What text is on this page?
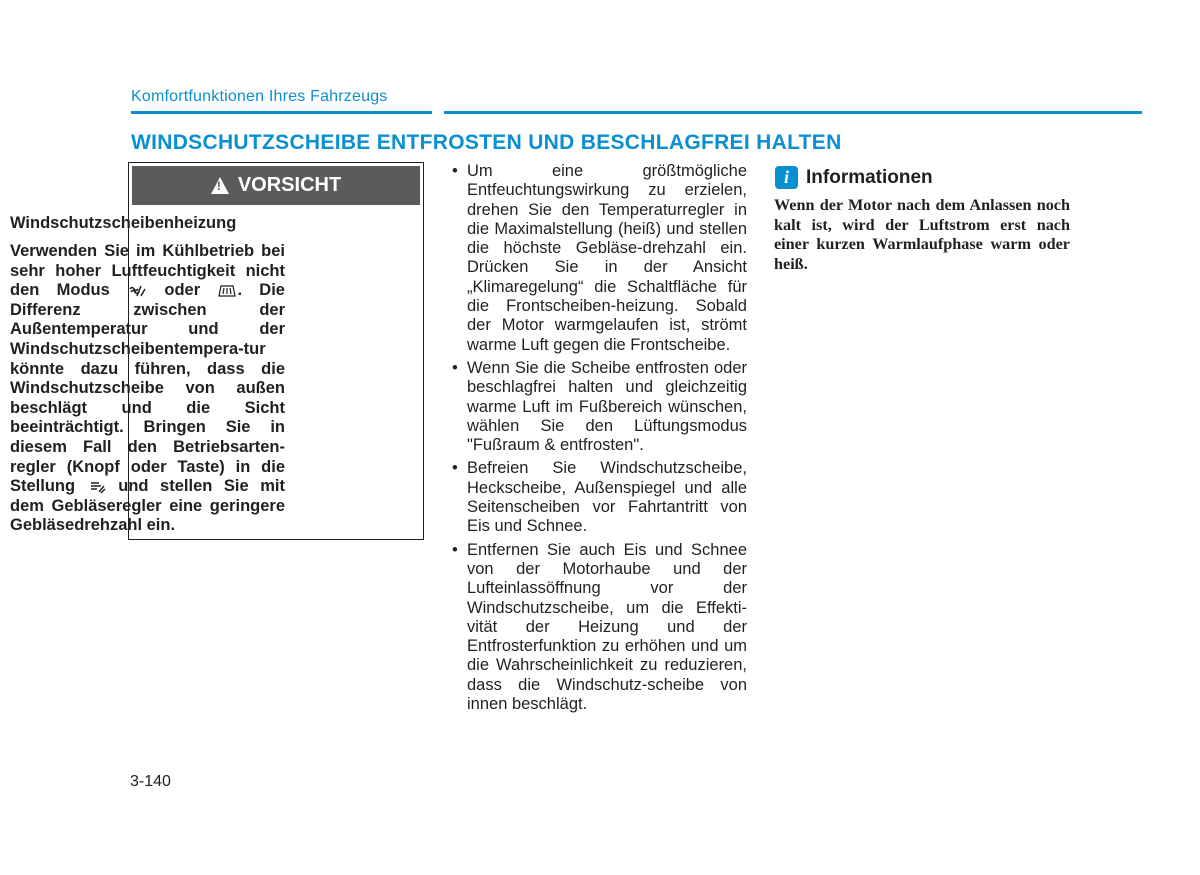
Komfortfunktionen Ihres Fahrzeugs
WINDSCHUTZSCHEIBE ENTFROSTEN UND BESCHLAGFREI HALTEN
!
VORSICHT
Windschutzscheibenheizung

Verwenden Sie im Kühlbetrieb bei sehr hoher Luftfeuchtigkeit nicht den Modus	oder . Die Differenz zwischen der Außentemperatur und der Windschutzscheibentempera-tur könnte dazu führen, dass die Windschutzscheibe von außen beschlägt und die Sicht beeinträchtigt. Bringen Sie in diesem Fall den Betriebsarten-regler (Knopf oder Taste) in die Stellung	und stellen Sie mit dem Gebläseregler eine geringere Gebläsedrehzahl ein.

• Um eine größtmögliche Entfeuchtungswirkung zu erzielen, drehen Sie den Temperaturregler in die Maximalstellung (heiß) und stellen die höchste Gebläse-drehzahl ein. Drücken Sie in der Ansicht „Klimaregelung“ die Schaltfläche für die Frontscheiben-heizung. Sobald der Motor warmgelaufen ist, strömt warme Luft gegen die Frontscheibe.
• Wenn Sie die Scheibe entfrosten oder beschlagfrei halten und gleichzeitig warme Luft im Fußbereich wünschen, wählen Sie den Lüftungsmodus "Fußraum & entfrosten".
• Befreien Sie Windschutzscheibe, Heckscheibe, Außenspiegel und alle Seitenscheiben vor Fahrtantritt von Eis und Schnee.
• Entfernen Sie auch Eis und Schnee von der Motorhaube und der Lufteinlassöffnung vor der Windschutzscheibe, um die Effekti-vität der Heizung und der Entfrosterfunktion zu erhöhen und um die Wahrscheinlichkeit zu reduzieren, dass die Windschutz-scheibe von innen beschlägt.
i Informationen

Wenn der Motor nach dem Anlassen noch kalt ist, wird der Luftstrom erst nach einer kurzen Warmlaufphase warm oder heiß.

3-140
